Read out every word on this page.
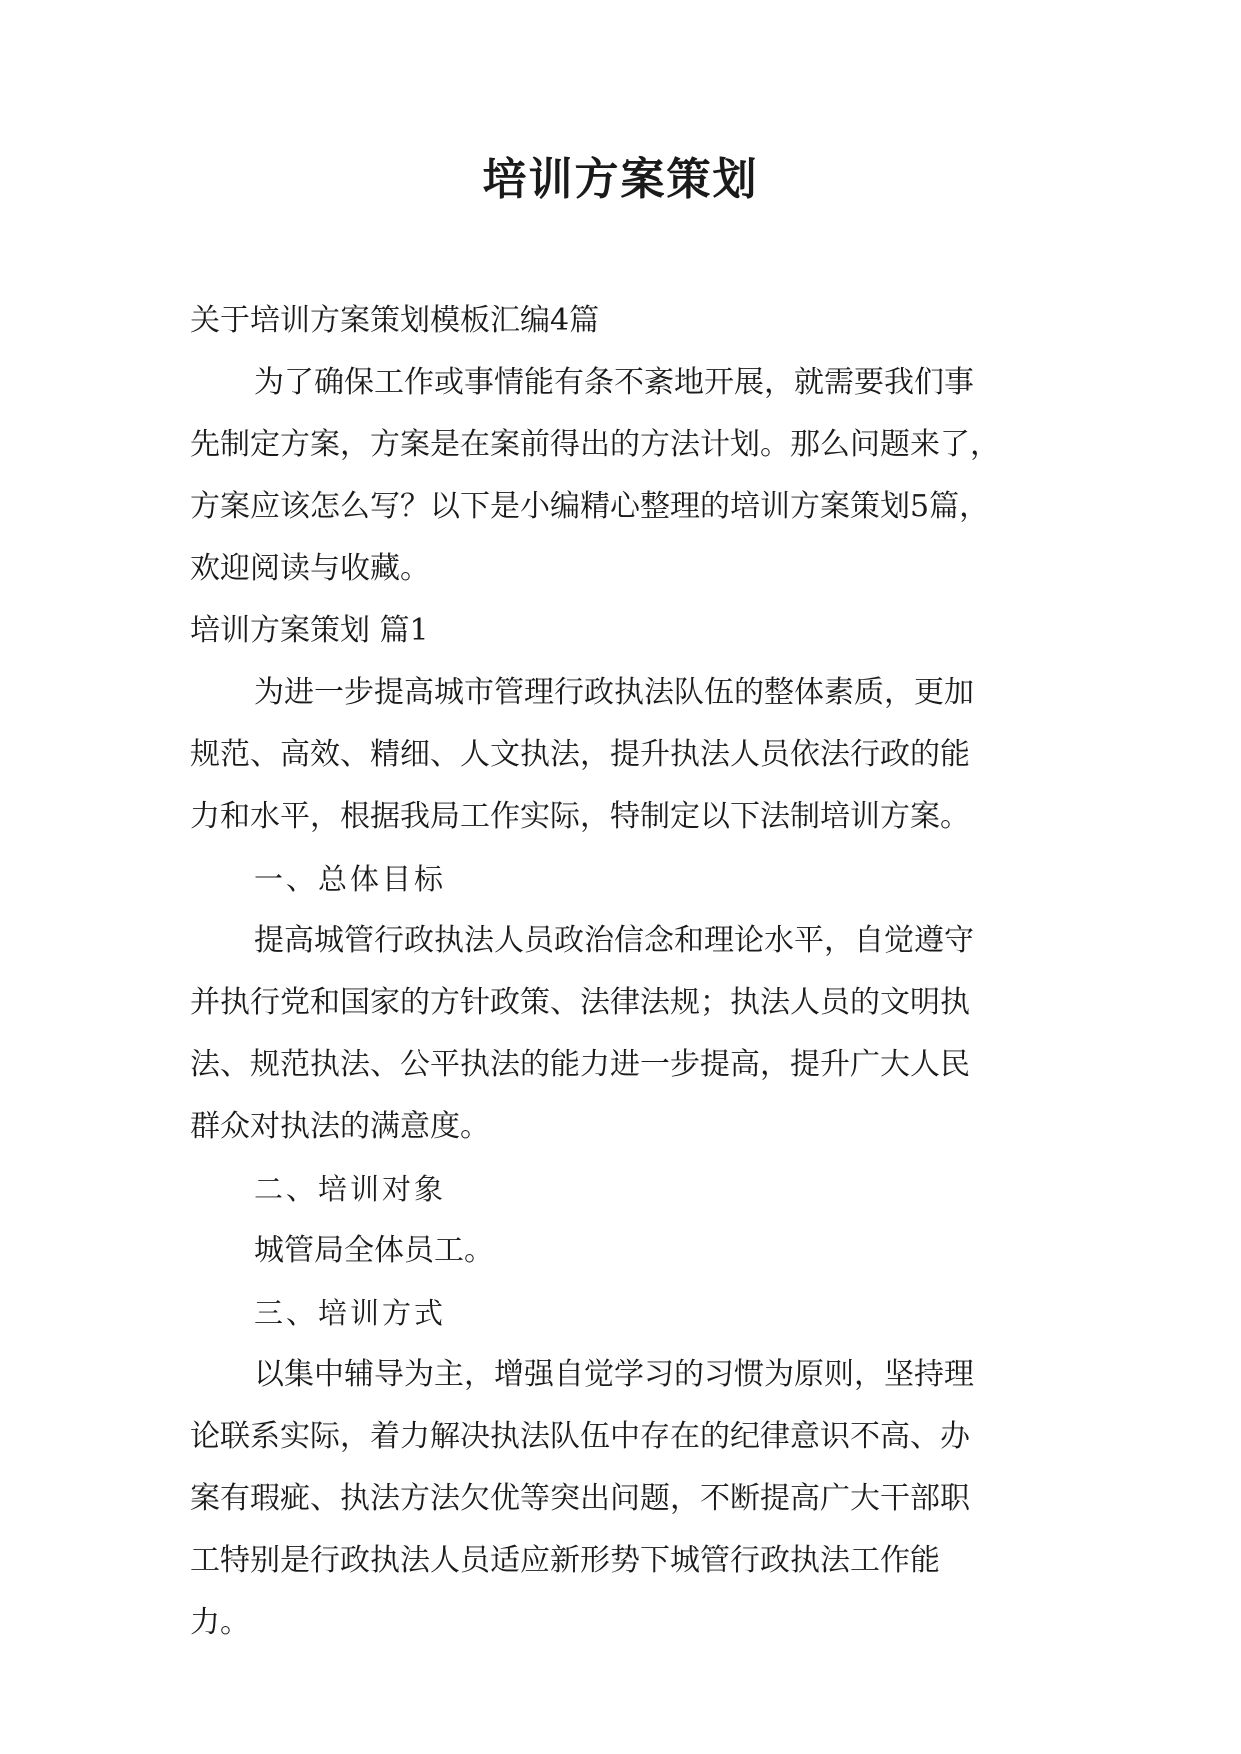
培训方案策划

关于培训方案策划模板汇编4篇

为了确保工作或事情能有条不紊地开展，就需要我们事

先制定方案，方案是在案前得出的方法计划。那么问题来了，

方案应该怎么写？以下是小编精心整理的培训方案策划5篇，

欢迎阅读与收藏。

培训方案策划 篇1

为进一步提高城市管理行政执法队伍的整体素质，更加

规范、高效、精细、人文执法，提升执法人员依法行政的能

力和水平，根据我局工作实际，特制定以下法制培训方案。

一、总体目标

提高城管行政执法人员政治信念和理论水平，自觉遵守

并执行党和国家的方针政策、法律法规；执法人员的文明执

法、规范执法、公平执法的能力进一步提高，提升广大人民

群众对执法的满意度。

二、培训对象

城管局全体员工。

三、培训方式

以集中辅导为主，增强自觉学习的习惯为原则，坚持理

论联系实际，着力解决执法队伍中存在的纪律意识不高、办

案有瑕疵、执法方法欠优等突出问题，不断提高广大干部职

工特别是行政执法人员适应新形势下城管行政执法工作能

力。
